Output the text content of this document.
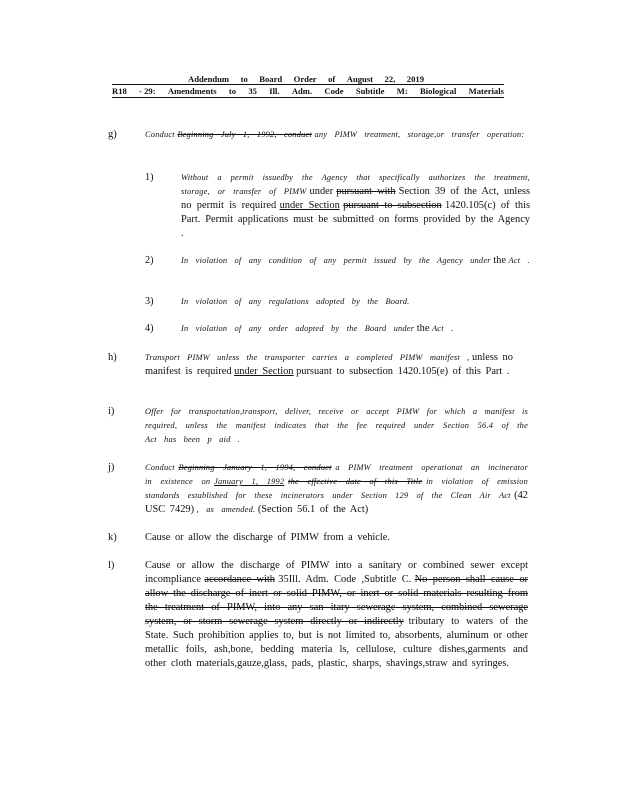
Addendum to Board Order of August 22, 2019
R18 - 29: Amendments to 35 Ill. Adm. Code Subtitle M: Biological Materials
g)	Conduct Beginning July 1, 1992, conduct any PIMW treatment, storage,or transfer operation:
1)	Without a permit issuedby the Agency that specifically authorizes the treatment, storage, or transfer of PIMW under pursuant with Section 39 of the Act, unless no permit is required under Section pursuant to subsection 1420.105(c) of this Part. Permit applications must be submitted on forms provided by the Agency .
2)	In violation of any condition of any permit issued by the Agency under the Act .
3)	In violation of any regulations adopted by the Board.
4)	In violation of any order adopted by the Board under the Act .
h)	Transport PIMW unless the transporter carries a completed PIMW manifest , unless no manifest is required under Section pursuant to subsection 1420.105(e) of this Part .
i)	Offer for transportation,transport, deliver, receive or accept PIMW for which a manifest is required, unless the manifest indicates that the fee required under Section 56.4 of the Act has been p aid .
j)	Conduct Beginning January 1, 1994, conduct a PIMW treatment operationat an incinerator in existence on January 1, 1992 the effective date of this Title in violation of emission standards established for these incinerators under Section 129 of the Clean Air Act (42 USC 7429) , as amended. (Section 56.1 of the Act)
k)	Cause or allow the discharge of PIMW from a vehicle.
l)	Cause or allow the discharge of PIMW into a sanitary or combined sewer except incompliance accordance with 35Ill. Adm. Code ,Subtitle C. No person shall cause or allow the discharge of inert or solid PIMW, or inert or solid materials resulting from the treatment of PIMW, into any san itary sewerage system, combined sewerage system, or storm sewerage system directly or indirectly tributary to waters of the State. Such prohibition applies to, but is not limited to, absorbents, aluminum or other metallic foils, ash,bone, bedding materia ls, cellulose, culture dishes,garments and other cloth materials,gauze,glass, pads, plastic, sharps, shavings,straw and syringes.
